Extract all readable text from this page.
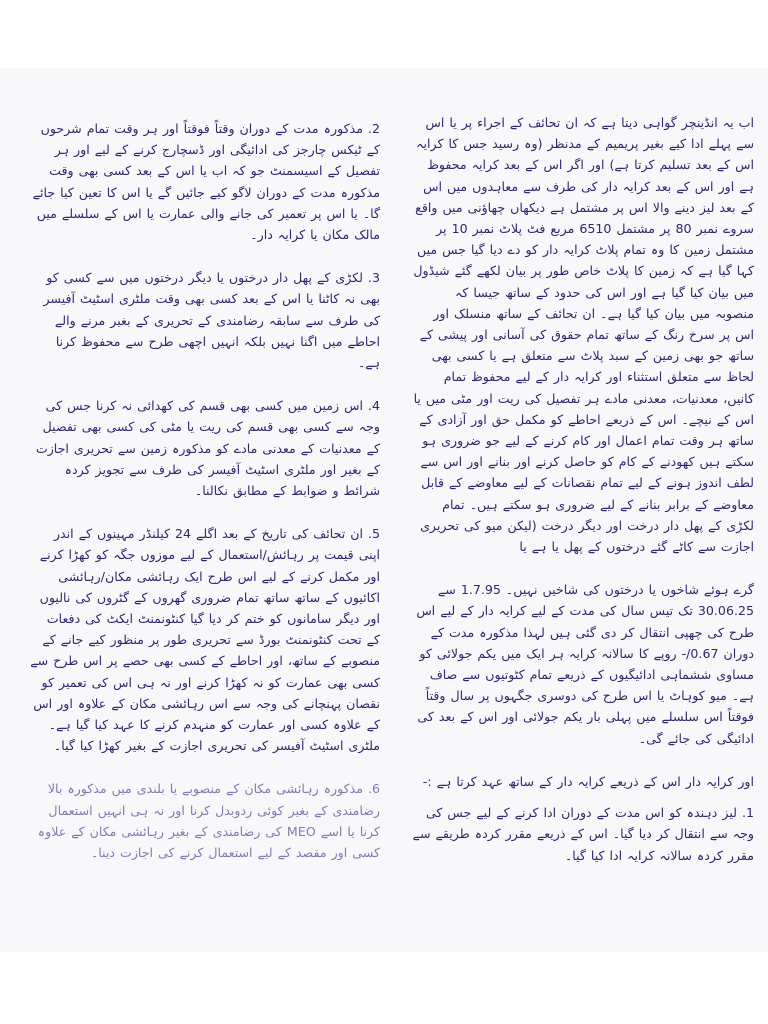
2. مذکورہ مدت کے دوران وقتاً فوقتاً اور ہر وقت تمام شرحوں کے ٹیکس چارجز کی ادائیگی اور ڈسچارج کرنے کے لیے اور ہر تفصیل کے اسیسمنٹ جو کہ اب یا اس کے بعد کسی بھی وقت مذکورہ مدت کے دوران لاگو کیے جائیں گے یا اس کا تعین کیا جائے گا۔ یا اس پر تعمیر کی جانے والی عمارت یا اس کے سلسلے میں مالک مکان یا کرایہ دار۔

3. لکڑی کے پھل دار درختوں یا دیگر درختوں میں سے کسی کو بھی نہ کاٹنا یا اس کے بعد کسی بھی وقت ملٹری اسٹیٹ آفیسر کی طرف سے سابقہ رضامندی کے تحریری کے بغیر مرنے والے احاطے میں اگنا نہیں بلکہ انہیں اچھی طرح سے محفوظ کرنا ہے۔

4. اس زمین میں کسی بھی قسم کی کھدائی نہ کرنا جس کی وجہ سے کسی بھی قسم کی ریت یا مٹی کی کسی بھی تفصیل کے معدنیات کے معدنی مادے کو مذکورہ زمین سے تحریری اجازت کے بغیر اور ملٹری اسٹیٹ آفیسر کی طرف سے تجویز کردہ شرائط و ضوابط کے مطابق نکالنا۔

5. ان تحائف کی تاریخ کے بعد اگلے 24 کیلنڈر مہینوں کے اندر اپنی قیمت پر رہائش/استعمال کے لیے موزوں جگہ کو کھڑا کرنے اور مکمل کرنے کے لیے اس طرح ایک رہائشی مکان/رہائشی اکائیوں کے ساتھ ساتھ تمام ضروری گھروں کے گٹروں کی نالیوں اور دیگر سامانوں کو ختم کر دیا گیا کنٹونمنٹ ایکٹ کی دفعات کے تحت کنٹونمنٹ بورڈ سے تحریری طور پر منظور کیے جانے کے منصوبے کے ساتھ، اور احاطے کے کسی بھی حصے پر اس طرح سے کسی بھی عمارت کو نہ کھڑا کرنے اور نہ ہی اس کی تعمیر کو نقصان پہنچانے کی وجہ سے اس رہائشی مکان کے علاوہ اور اس کے علاوہ کسی اور عمارت کو منہدم کرنے کا عہد کیا گیا ہے۔ ملٹری اسٹیٹ آفیسر کی تحریری اجازت کے بغیر کھڑا کیا گیا۔

6. مذکورہ رہائشی مکان کے منصوبے یا بلندی میں مذکورہ بالا رضامندی کے بغیر کوئی ردوبدل کرنا اور نہ ہی انہیں استعمال کرنا یا اسے MEO کی رضامندی کے بغیر رہائشی مکان کے علاوہ کسی اور مقصد کے لیے استعمال کرنے کی اجازت دینا۔

اب یہ انڈینچر گواہی دیتا ہے کہ ان تحائف کے اجراء پر یا اس سے پہلے ادا کیے بغیر پریمیم کے مدنظر (وہ رسید جس کا کرایہ اس کے بعد تسلیم کرتا ہے) اور اگر اس کے بعد کرایہ محفوظ ہے اور اس کے بعد کرایہ دار کی طرف سے معاہدوں میں اس کے بعد لیز دینے والا اس پر مشتمل ہے دیکھاں چھاؤنی میں واقع سروے نمبر 80 پر مشتمل 6510 مربع فٹ پلاٹ نمبر 10 پر مشتمل زمین کا وہ تمام پلاٹ کرایہ دار کو دے دیا گیا جس میں کہا گیا ہے کہ زمین کا پلاٹ خاص طور پر بیان لکھے گئے شیڈول میں بیان کیا گیا ہے اور اس کی حدود کے ساتھ جیسا کہ منصوبہ میں بیان کیا گیا ہے۔ ان تحائف کے ساتھ منسلک اور اس پر سرخ رنگ کے ساتھ تمام حقوق کی آسانی اور پیشی کے ساتھ جو بھی زمین کے سبد پلاٹ سے متعلق ہے یا کسی بھی لحاظ سے متعلق استثناء اور کرایہ دار کے لیے محفوظ تمام کانیں، معدنیات، معدنی مادے ہر تفصیل کی ریت اور مٹی میں یا اس کے نیچے۔ اس کے ذریعے احاطے کو مکمل حق اور آزادی کے ساتھ ہر وقت تمام اعمال اور کام کرنے کے لیے جو ضروری ہو سکتے ہیں کھودنے کے کام کو حاصل کرنے اور بنانے اور اس سے لطف اندوز ہونے کے لیے تمام نقصانات کے لیے معاوضے کے قابل معاوضے کے برابر بنانے کے لیے ضروری ہو سکتے ہیں۔ تمام لکڑی کے پھل دار درخت اور دیگر درخت (لیکن میو کی تحریری اجازت سے کاٹے گئے درختوں کے پھل یا ہے یا

گرے ہوئے شاخوں یا درختوں کی شاخیں نہیں۔ 1.7.95 سے 30.06.25 تک تیس سال کی مدت کے لیے کرایہ دار کے لیے اس طرح کی چھپی انتقال کر دی گئی ہیں لہذا مذکورہ مدت کے دوران 0.67/- روپے کا سالانہ کرایہ ہر ایک میں یکم جولائی کو مساوی ششماہی ادائیگیوں کے ذریعے تمام کٹوتیوں سے صاف ہے۔ میو کوہاٹ یا اس طرح کی دوسری جگہوں پر سال وقتاً فوقتاً اس سلسلے میں پہلی بار یکم جولائی اور اس کے بعد کی ادائیگی کی جائے گی۔

اور کرایہ دار اس کے ذریعے کرایہ دار کے ساتھ عہد کرتا ہے :-

1. لیز دہندہ کو اس مدت کے دوران ادا کرنے کے لیے جس کی وجہ سے انتقال کر دیا گیا۔ اس کے ذریعے مقرر کردہ طریقے سے مقرر کردہ سالانہ کرایہ ادا کیا گیا۔
